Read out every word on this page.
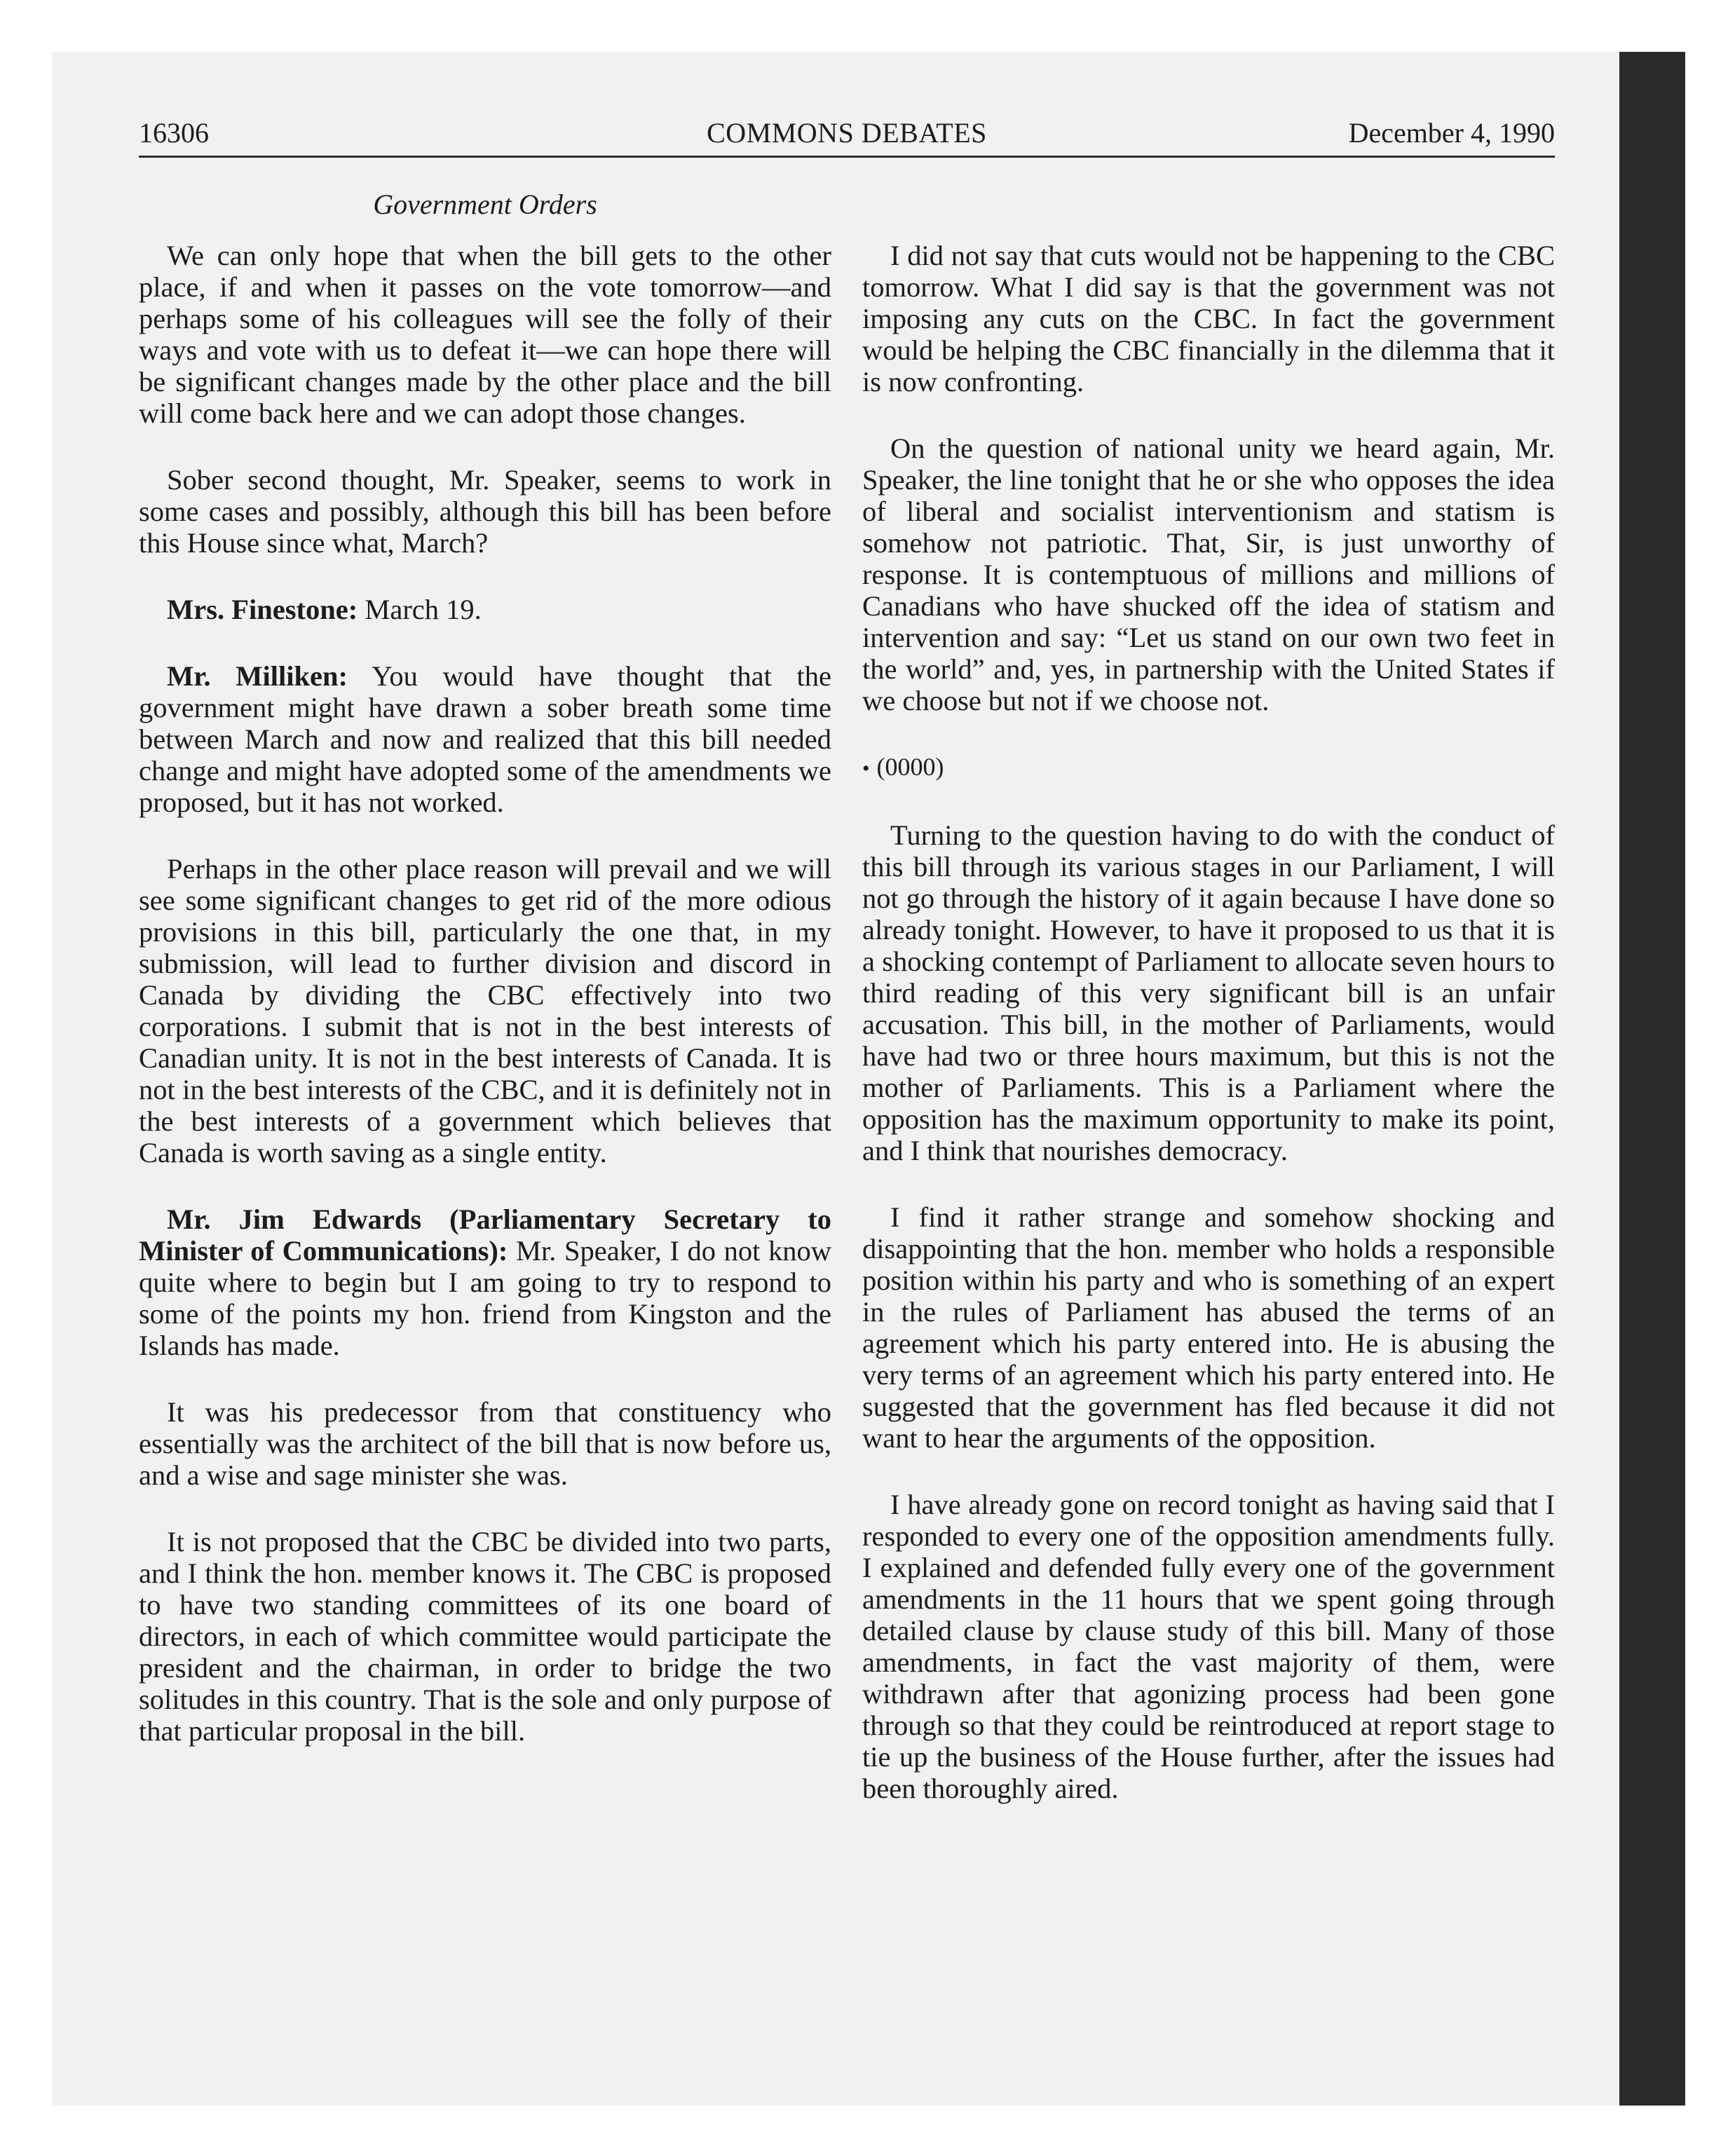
16306	COMMONS DEBATES	December 4, 1990
Government Orders

We can only hope that when the bill gets to the other place, if and when it passes on the vote tomorrow—and perhaps some of his colleagues will see the folly of their ways and vote with us to defeat it—we can hope there will be significant changes made by the other place and the bill will come back here and we can adopt those changes.

Sober second thought, Mr. Speaker, seems to work in some cases and possibly, although this bill has been before this House since what, March?

Mrs. Finestone: March 19.

Mr. Milliken: You would have thought that the government might have drawn a sober breath some time between March and now and realized that this bill needed change and might have adopted some of the amendments we proposed, but it has not worked.

Perhaps in the other place reason will prevail and we will see some significant changes to get rid of the more odious provisions in this bill, particularly the one that, in my submission, will lead to further division and discord in Canada by dividing the CBC effectively into two corporations. I submit that is not in the best interests of Canadian unity. It is not in the best interests of Canada. It is not in the best interests of the CBC, and it is definitely not in the best interests of a government which believes that Canada is worth saving as a single entity.

Mr. Jim Edwards (Parliamentary Secretary to Minister of Communications): Mr. Speaker, I do not know quite where to begin but I am going to try to respond to some of the points my hon. friend from Kingston and the Islands has made.

It was his predecessor from that constituency who essentially was the architect of the bill that is now before us, and a wise and sage minister she was.

It is not proposed that the CBC be divided into two parts, and I think the hon. member knows it. The CBC is proposed to have two standing committees of its one board of directors, in each of which committee would participate the president and the chairman, in order to bridge the two solitudes in this country. That is the sole and only purpose of that particular proposal in the bill.

I did not say that cuts would not be happening to the CBC tomorrow. What I did say is that the government was not imposing any cuts on the CBC. In fact the government would be helping the CBC financially in the dilemma that it is now confronting.

On the question of national unity we heard again, Mr. Speaker, the line tonight that he or she who opposes the idea of liberal and socialist interventionism and statism is somehow not patriotic. That, Sir, is just unworthy of response. It is contemptuous of millions and millions of Canadians who have shucked off the idea of statism and intervention and say: “Let us stand on our own two feet in the world” and, yes, in partnership with the United States if we choose but not if we choose not.

• (0000)

Turning to the question having to do with the conduct of this bill through its various stages in our Parliament, I will not go through the history of it again because I have done so already tonight. However, to have it proposed to us that it is a shocking contempt of Parliament to allocate seven hours to third reading of this very significant bill is an unfair accusation. This bill, in the mother of Parliaments, would have had two or three hours maximum, but this is not the mother of Parliaments. This is a Parliament where the opposition has the maximum opportunity to make its point, and I think that nourishes democracy.

I find it rather strange and somehow shocking and disappointing that the hon. member who holds a responsible position within his party and who is something of an expert in the rules of Parliament has abused the terms of an agreement which his party entered into. He is abusing the very terms of an agreement which his party entered into. He suggested that the government has fled because it did not want to hear the arguments of the opposition.

I have already gone on record tonight as having said that I responded to every one of the opposition amendments fully. I explained and defended fully every one of the government amendments in the 11 hours that we spent going through detailed clause by clause study of this bill. Many of those amendments, in fact the vast majority of them, were withdrawn after that agonizing process had been gone through so that they could be reintroduced at report stage to tie up the business of the House further, after the issues had been thoroughly aired.
